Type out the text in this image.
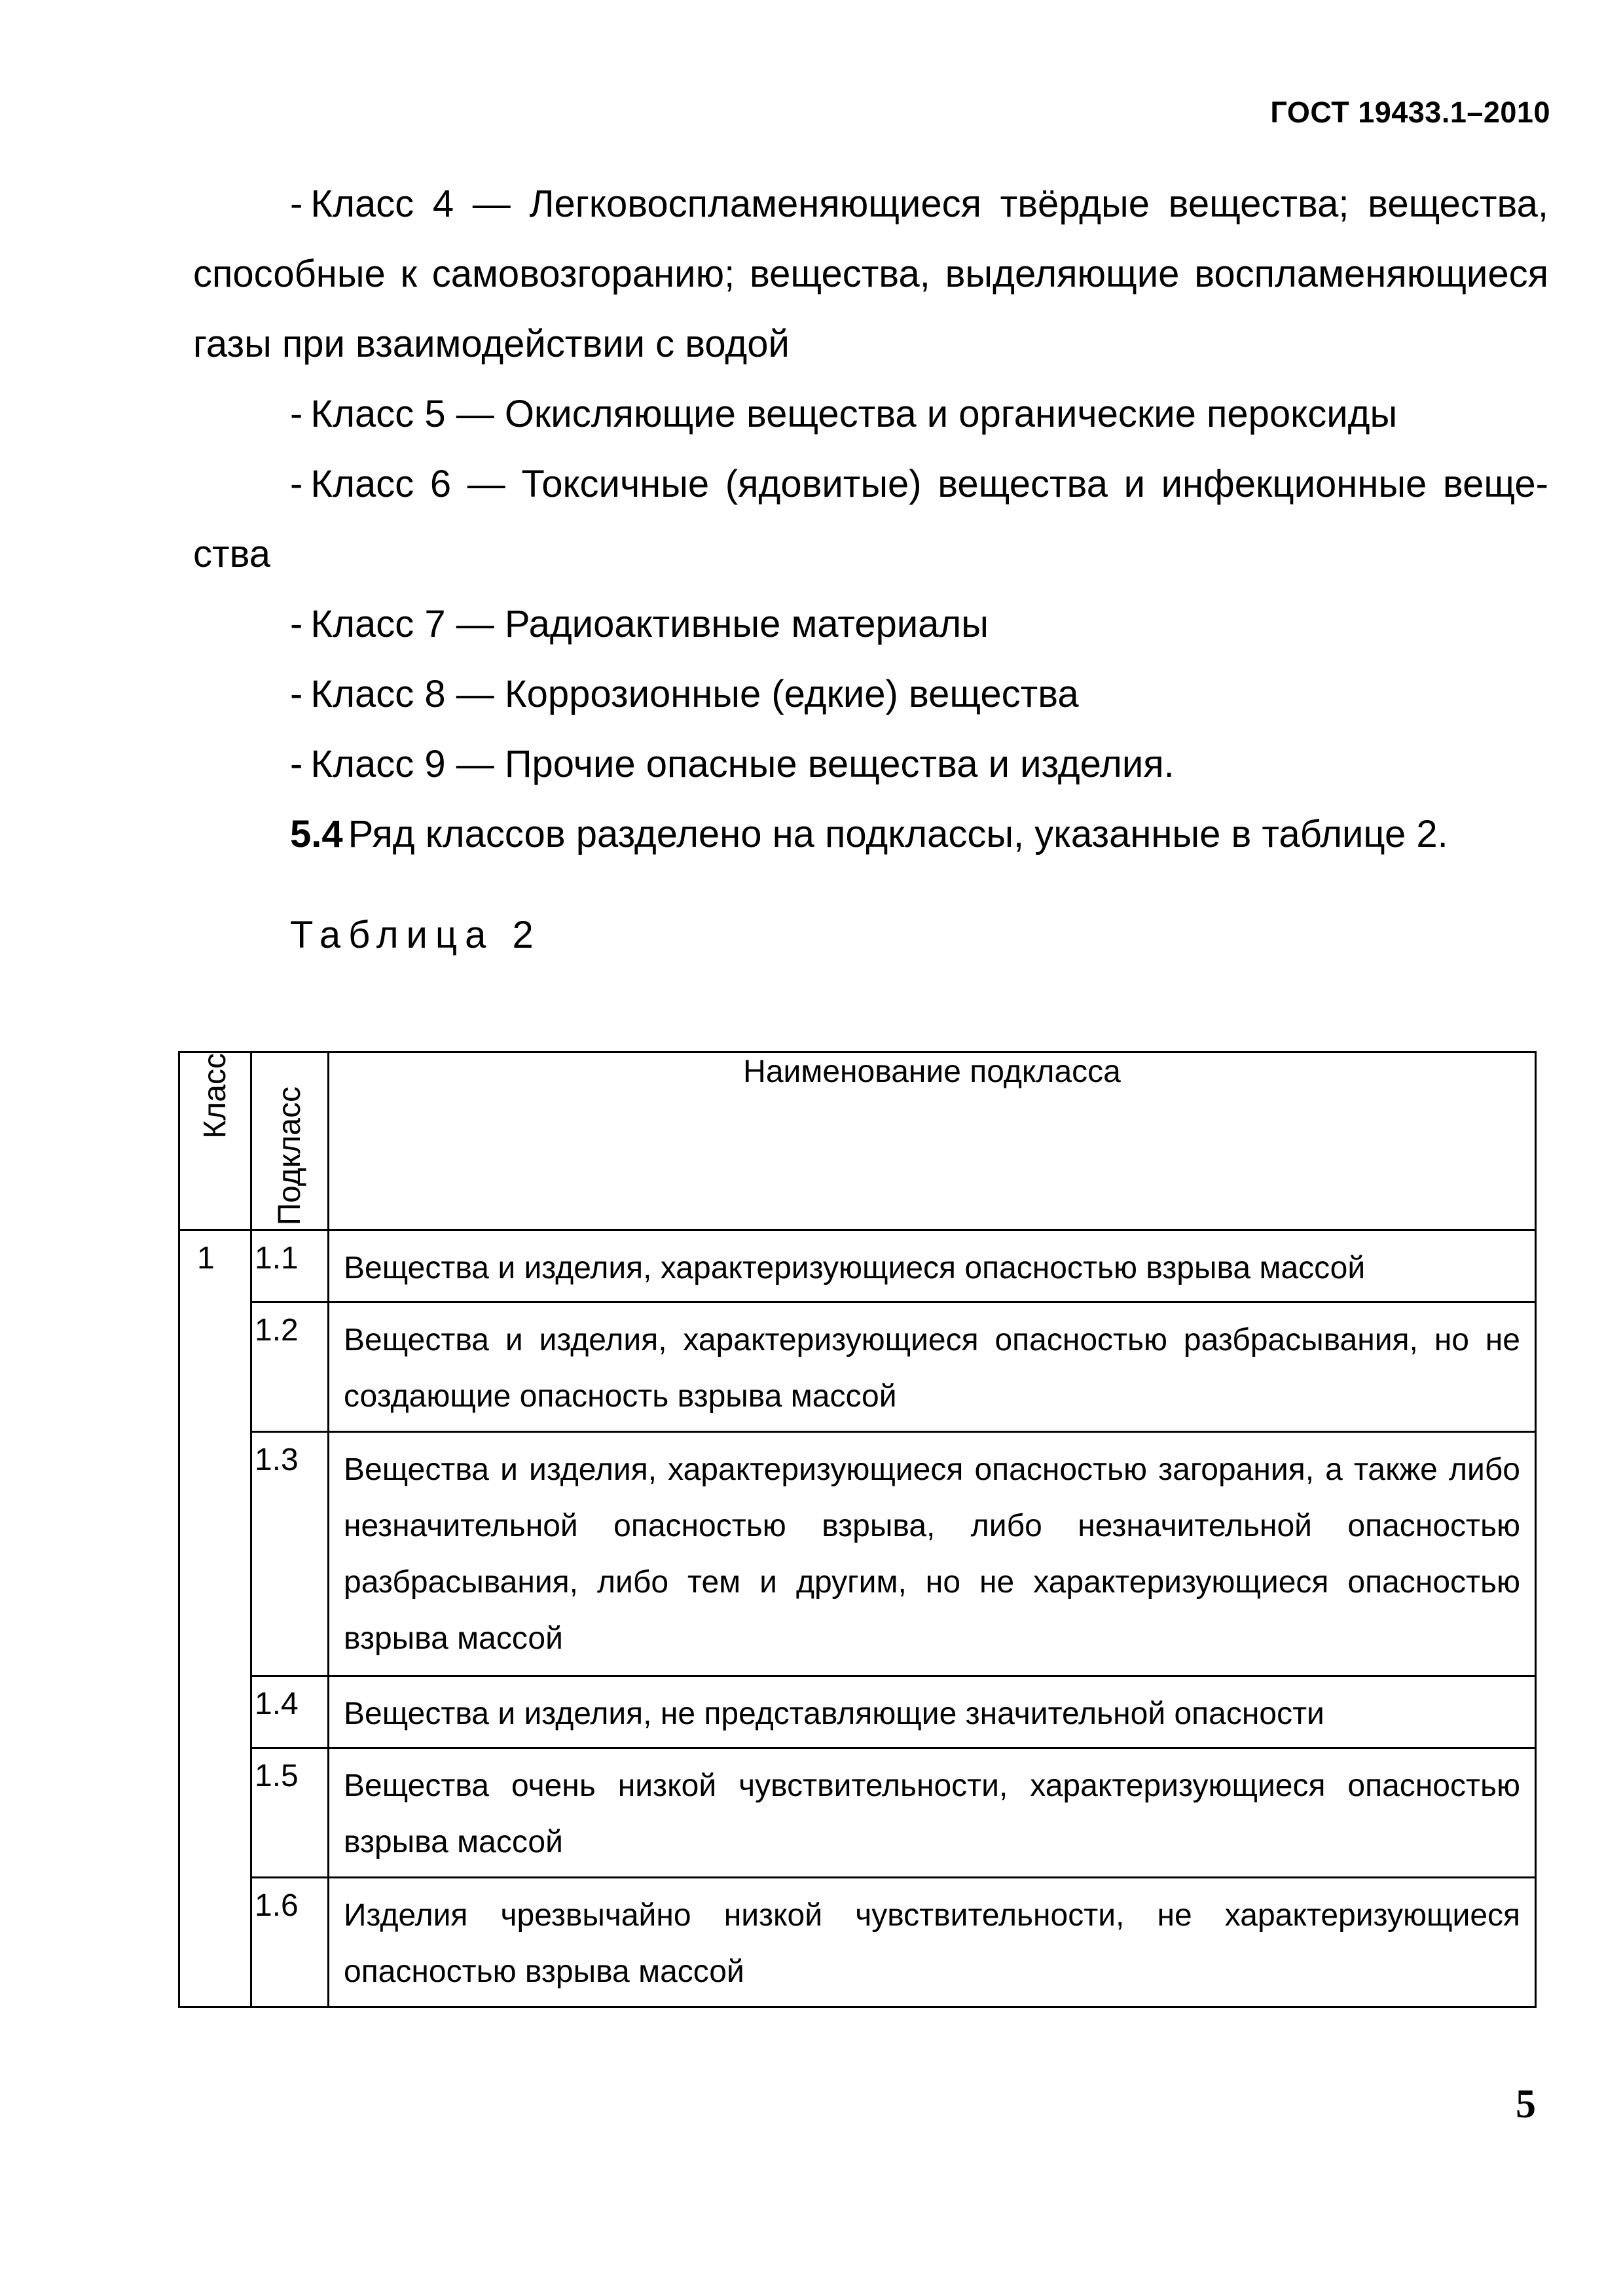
ГОСТ 19433.1–2010

- Класс 4 — Легковоспламеняющиеся твёрдые вещества; вещества, способные к самовозгоранию; вещества, выделяющие воспламеняющиеся газы при взаимодействии с водой

- Класс 5 — Окисляющие вещества и органические пероксиды

- Класс 6 — Токсичные (ядовитые) вещества и инфекционные вещества

- Класс 7 — Радиоактивные материалы

- Класс 8 — Коррозионные (едкие) вещества

- Класс 9 — Прочие опасные вещества и изделия.

5.4 Ряд классов разделено на подклассы, указанные в таблице 2.

Таблица 2
Класс	Подкласс	Наименование подкласса
1	1.1	Вещества и изделия, характеризующиеся опасностью взрыва массой
	1.2	Вещества и изделия, характеризующиеся опасностью разбрасывания, но не создающие опасность взрыва массой
	1.3	Вещества и изделия, характеризующиеся опасностью загорания, а также либо незначительной опасностью взрыва, либо незначительной опасностью разбрасывания, либо тем и другим, но не характеризующиеся опасностью взрыва массой
	1.4	Вещества и изделия, не представляющие значительной опасности
	1.5	Вещества очень низкой чувствительности, характеризующиеся опасностью взрыва массой
	1.6	Изделия чрезвычайно низкой чувствительности, не характеризующиеся опасностью взрыва массой
5
